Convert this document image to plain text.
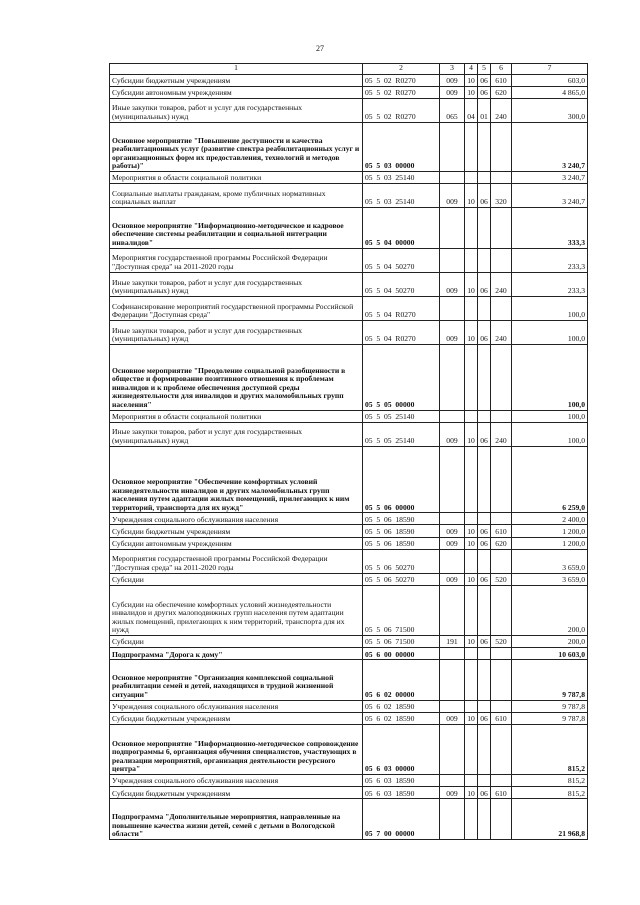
27
1	2	3	4	5	6	7
Субсидии бюджетным учреждениям	05  5  02  R0270	009	10	06	610	603,0
Субсидии автономным учреждениям	05  5  02  R0270	009	10	06	620	4 865,0
Иные закупки товаров, работ и услуг для государственных (муниципальных) нужд	05  5  02  R0270	065	04	01	240	300,0
Основное мероприятие "Повышение доступности и качества реабилитационных услуг (развитие спектра реабилитационных услуг и организационных форм их предоставления, технологий и методов работы)"	05  5  03  00000					3 240,7
Мероприятия в области социальной политики	05  5  03  25140					3 240,7
Социальные выплаты гражданам, кроме публичных нормативных социальных выплат	05  5  03  25140	009	10	06	320	3 240,7
Основное мероприятие "Информационно-методическое и кадровое обеспечение системы реабилитации и социальной интеграции инвалидов"	05  5  04  00000					333,3
Мероприятия государственной программы Российской Федерации "Доступная среда" на 2011-2020 годы	05  5  04  50270					233,3
Иные закупки товаров, работ и услуг для государственных (муниципальных) нужд	05  5  04  50270	009	10	06	240	233,3
Софинансирование мероприятий государственной программы Российской Федерации "Доступная среда"	05  5  04  R0270					100,0
Иные закупки товаров, работ и услуг для государственных (муниципальных) нужд	05  5  04  R0270	009	10	06	240	100,0
Основное мероприятие "Преодоление социальной разобщенности в обществе и формирование позитивного отношения к проблемам инвалидов и к проблеме обеспечения доступной среды жизнедеятельности для инвалидов и других маломобильных групп населения"	05  5  05  00000					100,0
Мероприятия в области социальной политики	05  5  05  25140					100,0
Иные закупки товаров, работ и услуг для государственных (муниципальных) нужд	05  5  05  25140	009	10	06	240	100,0
Основное мероприятие "Обеспечение комфортных условий жизнедеятельности инвалидов и других маломобильных групп населения путем адаптации жилых помещений, прилегающих к ним территорий, транспорта для их нужд"	05  5  06  00000					6 259,0
Учреждения социального обслуживания населения	05  5  06  18590					2 400,0
Субсидии бюджетным учреждениям	05  5  06  18590	009	10	06	610	1 200,0
Субсидии автономным учреждениям	05  5  06  18590	009	10	06	620	1 200,0
Мероприятия государственной программы Российской Федерации "Доступная среда" на 2011-2020 годы	05  5  06  50270					3 659,0
Субсидии	05  5  06  50270	009	10	06	520	3 659,0
Субсидии на обеспечение комфортных условий жизнедеятельности инвалидов и других малоподвижных групп населения путем адаптации жилых помещений, прилегающих к ним территорий, транспорта для их нужд	05  5  06  71500					200,0
Субсидии	05  5  06  71500	191	10	06	520	200,0
Подпрограмма "Дорога к дому"	05  6  00  00000					10 603,0
Основное мероприятие "Организация комплексной социальной реабилитации семей и детей, находящихся в трудной жизненной ситуации"	05  6  02  00000					9 787,8
Учреждения социального обслуживания населения	05  6  02  18590					9 787,8
Субсидии бюджетным учреждениям	05  6  02  18590	009	10	06	610	9 787,8
Основное мероприятие "Информационно-методическое сопровождение подпрограммы 6, организация обучения специалистов, участвующих в реализации мероприятий, организация деятельности ресурсного центра"	05  6  03  00000					815,2
Учреждения социального обслуживания населения	05  6  03  18590					815,2
Субсидии бюджетным учреждениям	05  6  03  18590	009	10	06	610	815,2
Подпрограмма "Дополнительные мероприятия, направленные на повышение качества жизни детей, семей с детьми в Вологодской области"	05  7  00  00000					21 968,8
